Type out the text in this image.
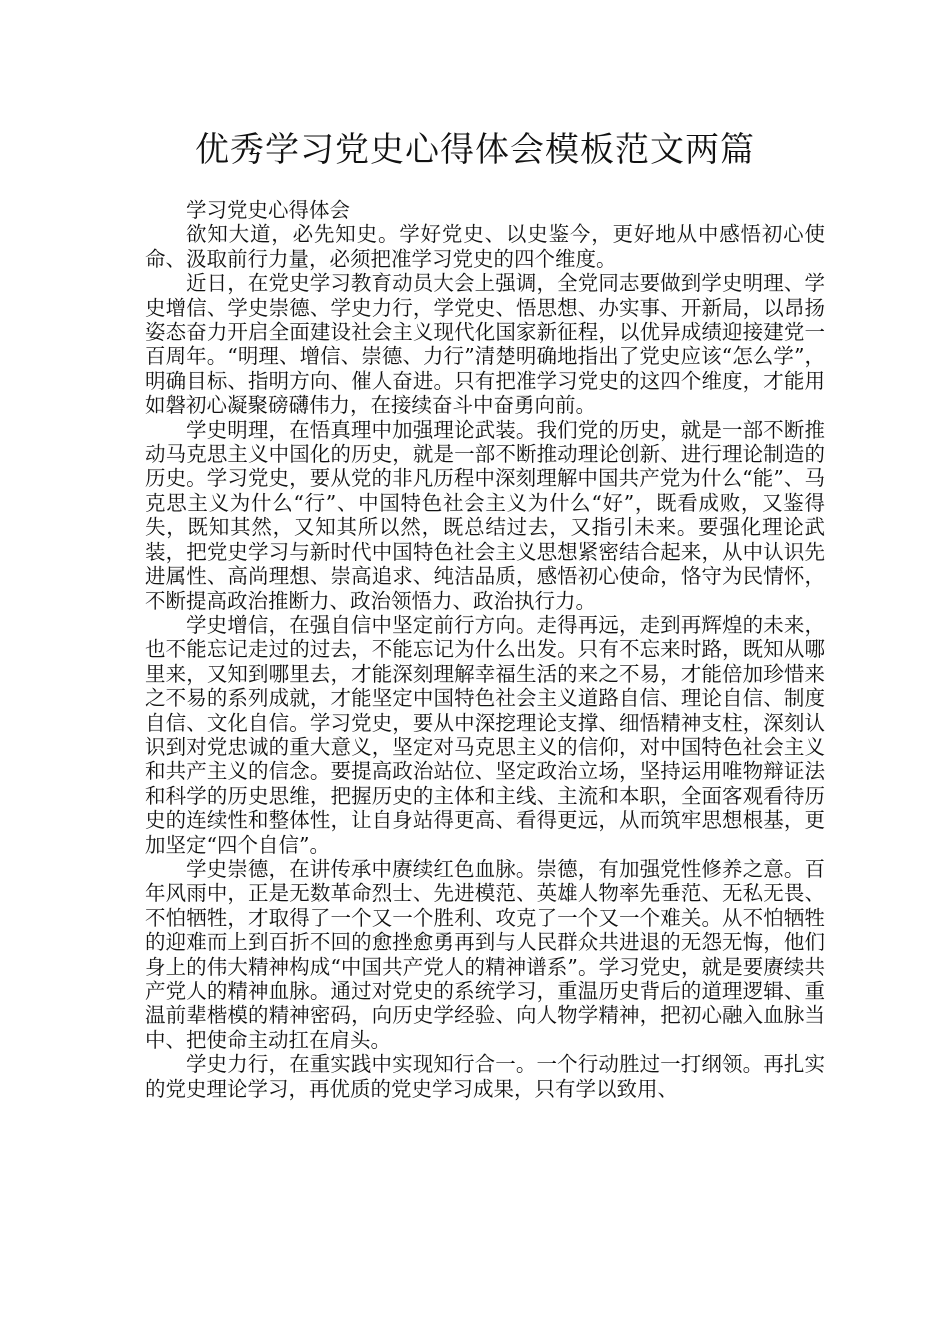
优秀学习党史心得体会模板范文两篇

学习党史心得体会

欲知大道，必先知史。学好党史、以史鉴今，更好地从中感悟初心使命、汲取前行力量，必须把准学习党史的四个维度。

近日，在党史学习教育动员大会上强调，全党同志要做到学史明理、学史增信、学史崇德、学史力行，学党史、悟思想、办实事、开新局，以昂扬姿态奋力开启全面建设社会主义现代化国家新征程，以优异成绩迎接建党一百周年。“明理、增信、崇德、力行”清楚明确地指出了党史应该“怎么学”，明确目标、指明方向、催人奋进。只有把准学习党史的这四个维度，才能用如磐初心凝聚磅礴伟力，在接续奋斗中奋勇向前。

学史明理，在悟真理中加强理论武装。我们党的历史，就是一部不断推动马克思主义中国化的历史，就是一部不断推动理论创新、进行理论制造的历史。学习党史，要从党的非凡历程中深刻理解中国共产党为什么“能”、马克思主义为什么“行”、中国特色社会主义为什么“好”，既看成败，又鉴得失，既知其然，又知其所以然，既总结过去，又指引未来。要强化理论武装，把党史学习与新时代中国特色社会主义思想紧密结合起来，从中认识先进属性、高尚理想、崇高追求、纯洁品质，感悟初心使命，恪守为民情怀，不断提高政治推断力、政治领悟力、政治执行力。

学史增信，在强自信中坚定前行方向。走得再远，走到再辉煌的未来，也不能忘记走过的过去，不能忘记为什么出发。只有不忘来时路，既知从哪里来，又知到哪里去，才能深刻理解幸福生活的来之不易，才能倍加珍惜来之不易的系列成就，才能坚定中国特色社会主义道路自信、理论自信、制度自信、文化自信。学习党史，要从中深挖理论支撑、细悟精神支柱，深刻认识到对党忠诚的重大意义，坚定对马克思主义的信仰，对中国特色社会主义和共产主义的信念。要提高政治站位、坚定政治立场，坚持运用唯物辩证法和科学的历史思维，把握历史的主体和主线、主流和本职，全面客观看待历史的连续性和整体性，让自身站得更高、看得更远，从而筑牢思想根基，更加坚定“四个自信”。

学史崇德，在讲传承中赓续红色血脉。崇德，有加强党性修养之意。百年风雨中，正是无数革命烈士、先进模范、英雄人物率先垂范、无私无畏、不怕牺牲，才取得了一个又一个胜利、攻克了一个又一个难关。从不怕牺牲的迎难而上到百折不回的愈挫愈勇再到与人民群众共进退的无怨无悔，他们身上的伟大精神构成“中国共产党人的精神谱系”。学习党史，就是要赓续共产党人的精神血脉。通过对党史的系统学习，重温历史背后的道理逻辑、重温前辈楷模的精神密码，向历史学经验、向人物学精神，把初心融入血脉当中、把使命主动扛在肩头。

学史力行，在重实践中实现知行合一。一个行动胜过一打纲领。再扎实的党史理论学习，再优质的党史学习成果，只有学以致用、
